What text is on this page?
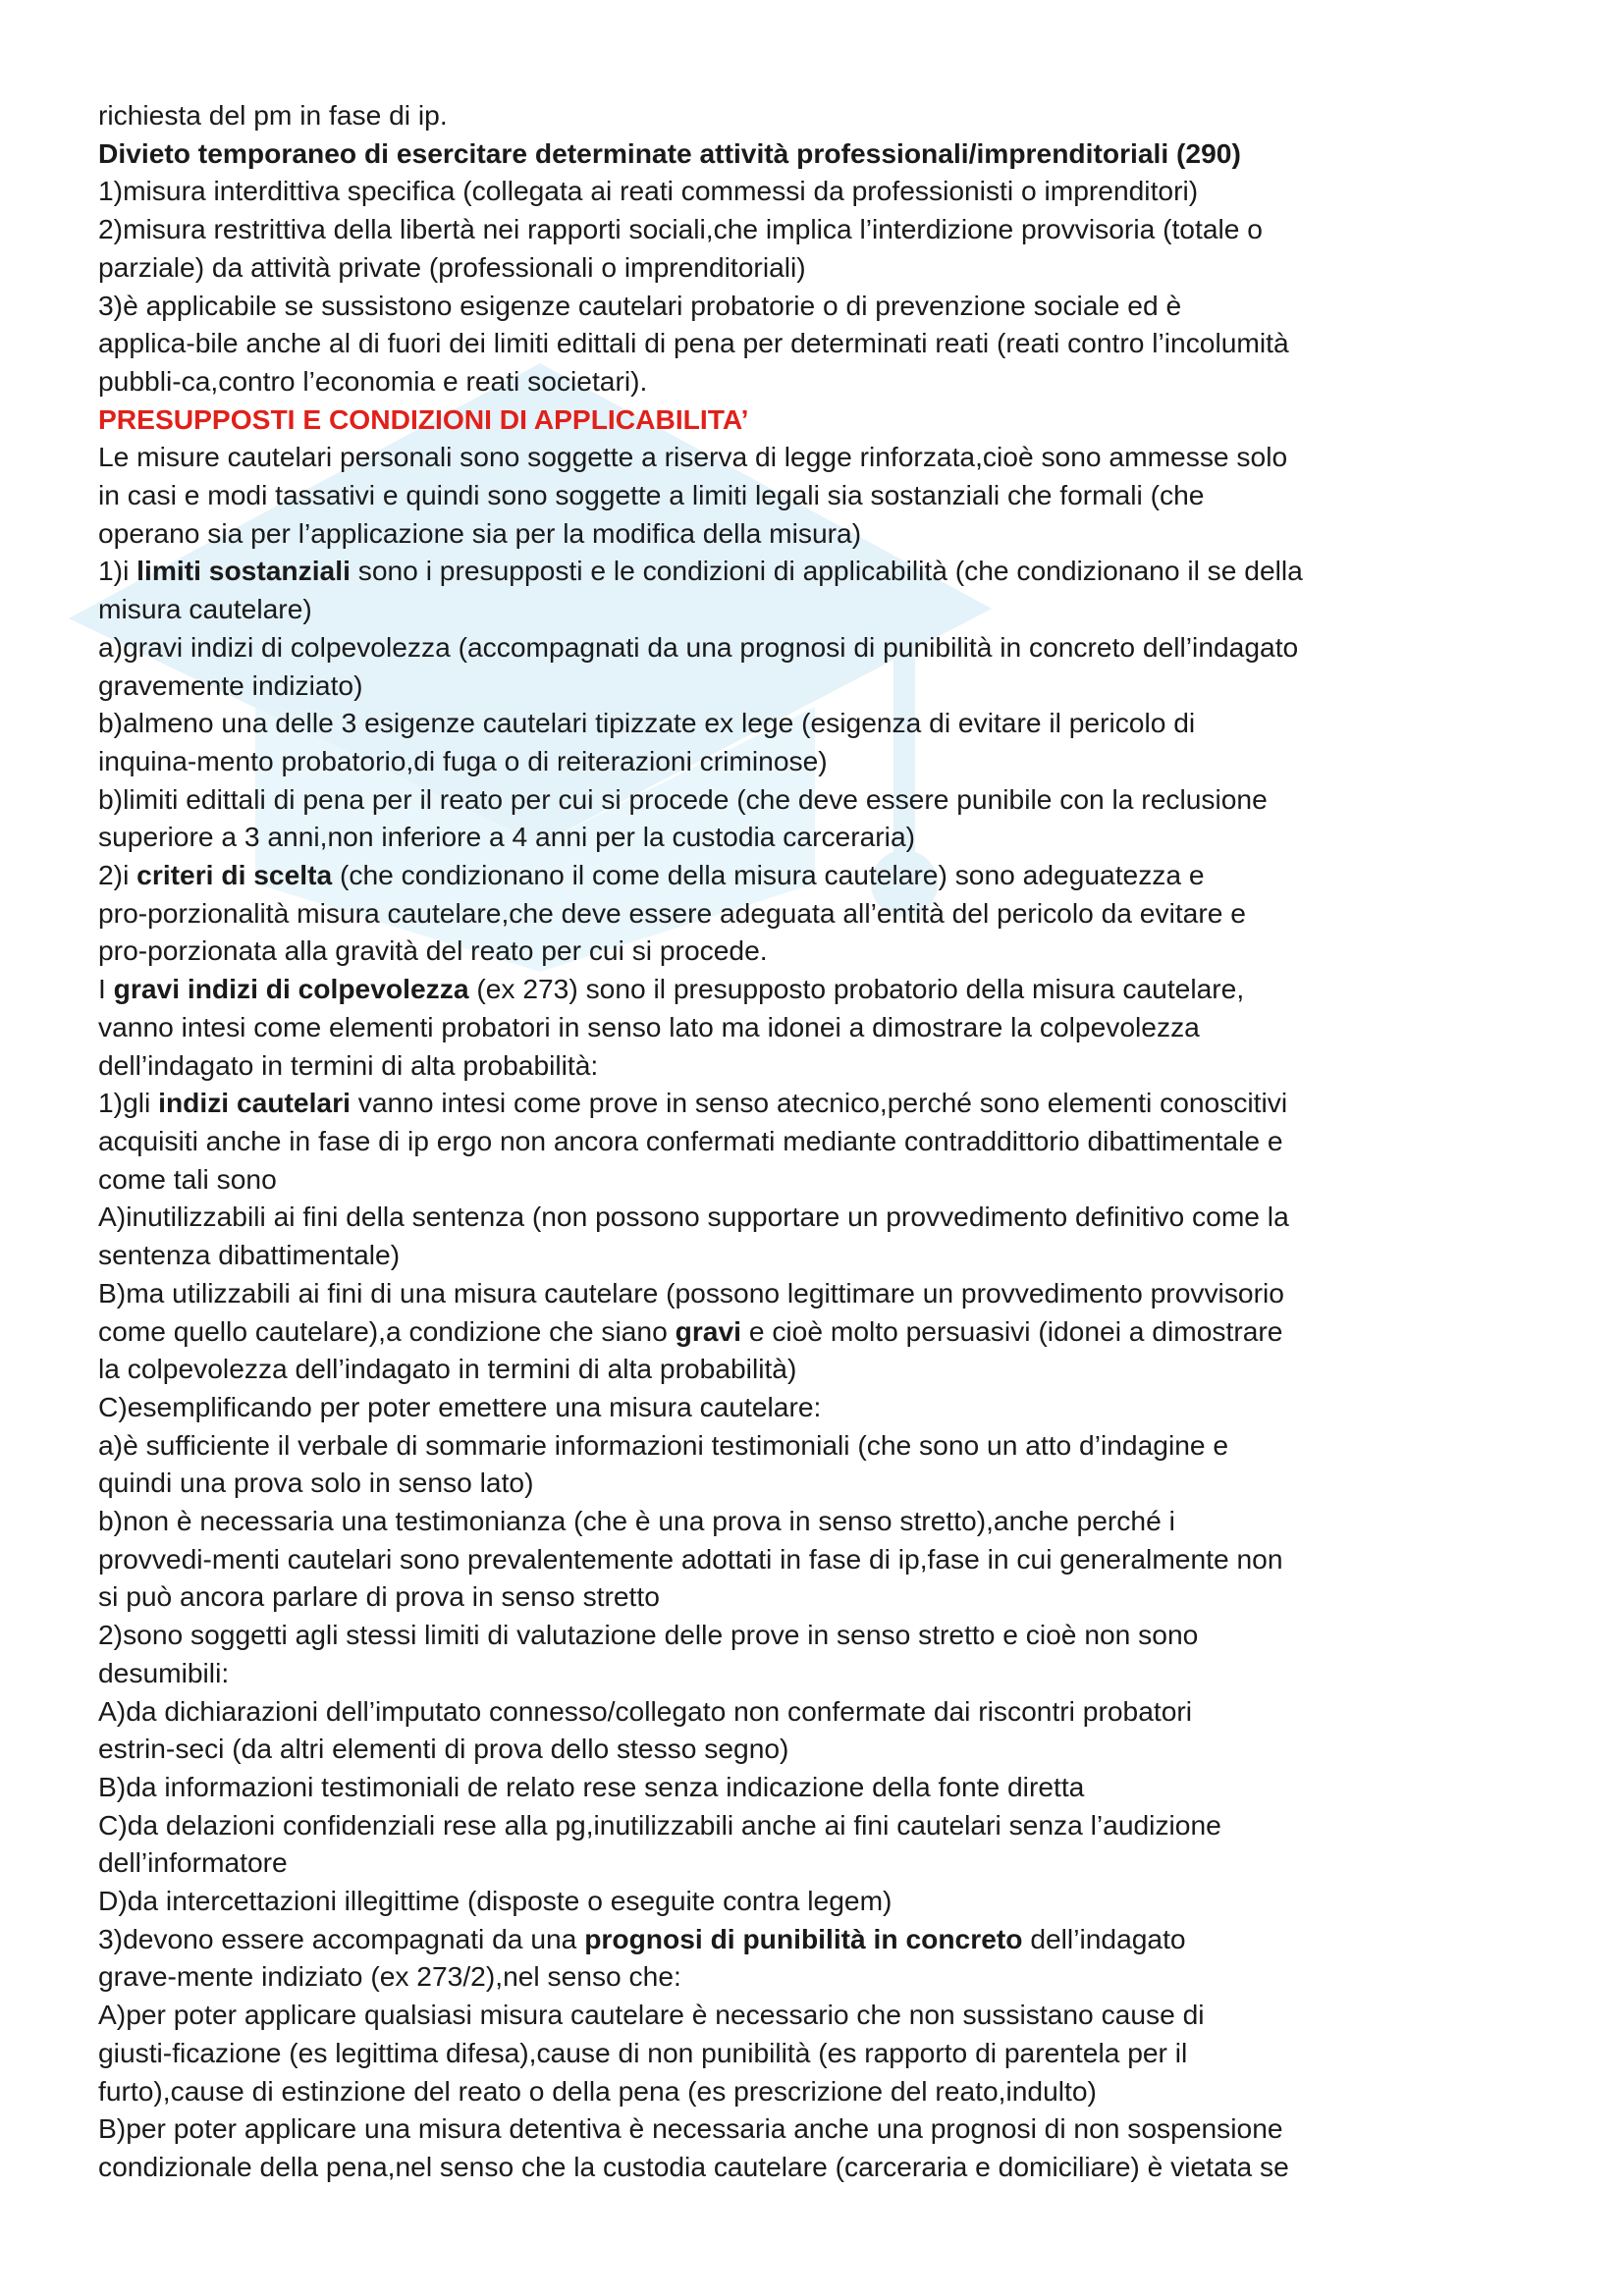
richiesta del pm in fase di ip.
Divieto temporaneo di esercitare determinate attività professionali/imprenditoriali (290)
1)misura interdittiva specifica (collegata ai reati commessi da professionisti o imprenditori)
2)misura restrittiva della libertà nei rapporti sociali,che implica l’interdizione provvisoria (totale o
parziale) da attività private (professionali o imprenditoriali)
3)è applicabile se sussistono esigenze cautelari probatorie o di prevenzione sociale ed è
applica-bile anche al di fuori dei limiti edittali di pena per determinati reati (reati contro l’incolumità
pubbli-ca,contro l’economia e reati societari).
PRESUPPOSTI E CONDIZIONI DI APPLICABILITA’
Le misure cautelari personali sono soggette a riserva di legge rinforzata,cioè sono ammesse solo
in casi e modi tassativi e quindi sono soggette a limiti legali sia sostanziali che formali (che
operano sia per l’applicazione sia per la modifica della misura)
1)i limiti sostanziali sono i presupposti e le condizioni di applicabilità (che condizionano il se della
misura cautelare)
a)gravi indizi di colpevolezza (accompagnati da una prognosi di punibilità in concreto dell’indagato
gravemente indiziato)
b)almeno una delle 3 esigenze cautelari tipizzate ex lege (esigenza di evitare il pericolo di
inquina-mento probatorio,di fuga o di reiterazioni criminose)
b)limiti edittali di pena per il reato per cui si procede (che deve essere punibile con la reclusione
superiore a 3 anni,non inferiore a 4 anni per la custodia carceraria)
2)i criteri di scelta (che condizionano il come della misura cautelare) sono adeguatezza e
pro-porzionalità misura cautelare,che deve essere adeguata all’entità del pericolo da evitare e
pro-porzionata alla gravità del reato per cui si procede.
I gravi indizi di colpevolezza (ex 273) sono il presupposto probatorio della misura cautelare,
vanno intesi come elementi probatori in senso lato ma idonei a dimostrare la colpevolezza
dell’indagato in termini di alta probabilità:
1)gli indizi cautelari vanno intesi come prove in senso atecnico,perché sono elementi conoscitivi
acquisiti anche in fase di ip ergo non ancora confermati mediante contraddittorio dibattimentale e
come tali sono
A)inutilizzabili ai fini della sentenza (non possono supportare un provvedimento definitivo come la
sentenza dibattimentale)
B)ma utilizzabili ai fini di una misura cautelare (possono legittimare un provvedimento provvisorio
come quello cautelare),a condizione che siano gravi e cioè molto persuasivi (idonei a dimostrare
la colpevolezza dell’indagato in termini di alta probabilità)
C)esemplificando per poter emettere una misura cautelare:
a)è sufficiente il verbale di sommarie informazioni testimoniali (che sono un atto d’indagine e
quindi una prova solo in senso lato)
b)non è necessaria una testimonianza (che è una prova in senso stretto),anche perché i
provvedi-menti cautelari sono prevalentemente adottati in fase di ip,fase in cui generalmente non
si può ancora parlare di prova in senso stretto
2)sono soggetti agli stessi limiti di valutazione delle prove in senso stretto e cioè non sono
desumibili:
A)da dichiarazioni dell’imputato connesso/collegato non confermate dai riscontri probatori
estrin-seci (da altri elementi di prova dello stesso segno)
B)da informazioni testimoniali de relato rese senza indicazione della fonte diretta
C)da delazioni confidenziali rese alla pg,inutilizzabili anche ai fini cautelari senza l’audizione
dell’informatore
D)da intercettazioni illegittime (disposte o eseguite contra legem)
3)devono essere accompagnati da una prognosi di punibilità in concreto dell’indagato
grave-mente indiziato (ex 273/2),nel senso che:
A)per poter applicare qualsiasi misura cautelare è necessario che non sussistano cause di
giusti-ficazione (es legittima difesa),cause di non punibilità (es rapporto di parentela per il
furto),cause di estinzione del reato o della pena (es prescrizione del reato,indulto)
B)per poter applicare una misura detentiva è necessaria anche una prognosi di non sospensione
condizionale della pena,nel senso che la custodia cautelare (carceraria e domiciliare) è vietata se
